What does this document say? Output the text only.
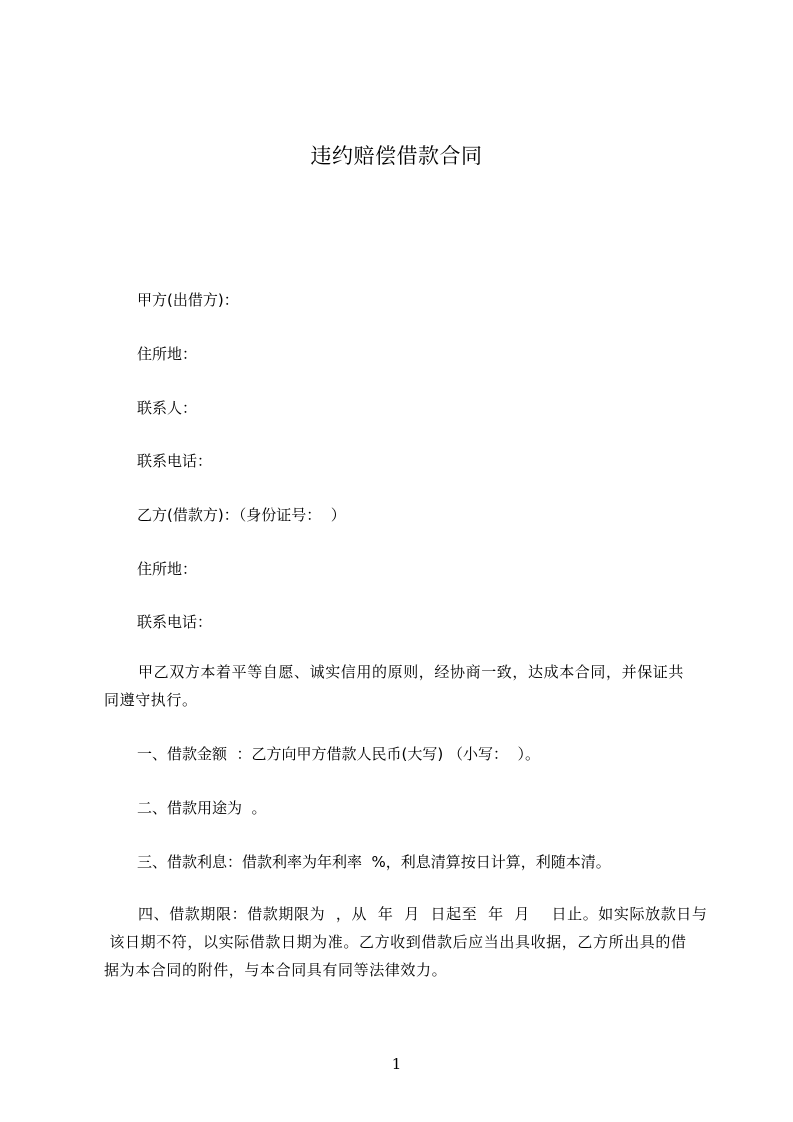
违约赔偿借款合同
甲方(出借方)：
住所地：
联系人：
联系电话：
乙方(借款方)：（身份证号：  ）
住所地：
联系电话：
甲乙双方本着平等自愿、诚实信用的原则，经协商一致，达成本合同，并保证共
同遵守执行。
一、借款金额  ：乙方向甲方借款人民币(大写) （小写：  ）。
二、借款用途为  。
三、借款利息：借款利率为年利率  %，利息清算按日计算，利随本清。
四、借款期限：借款期限为  ，从  年  月  日起至  年  月    日止。如实际放款日与
该日期不符，以实际借款日期为准。乙方收到借款后应当出具收据，乙方所出具的借
据为本合同的附件，与本合同具有同等法律效力。
1
